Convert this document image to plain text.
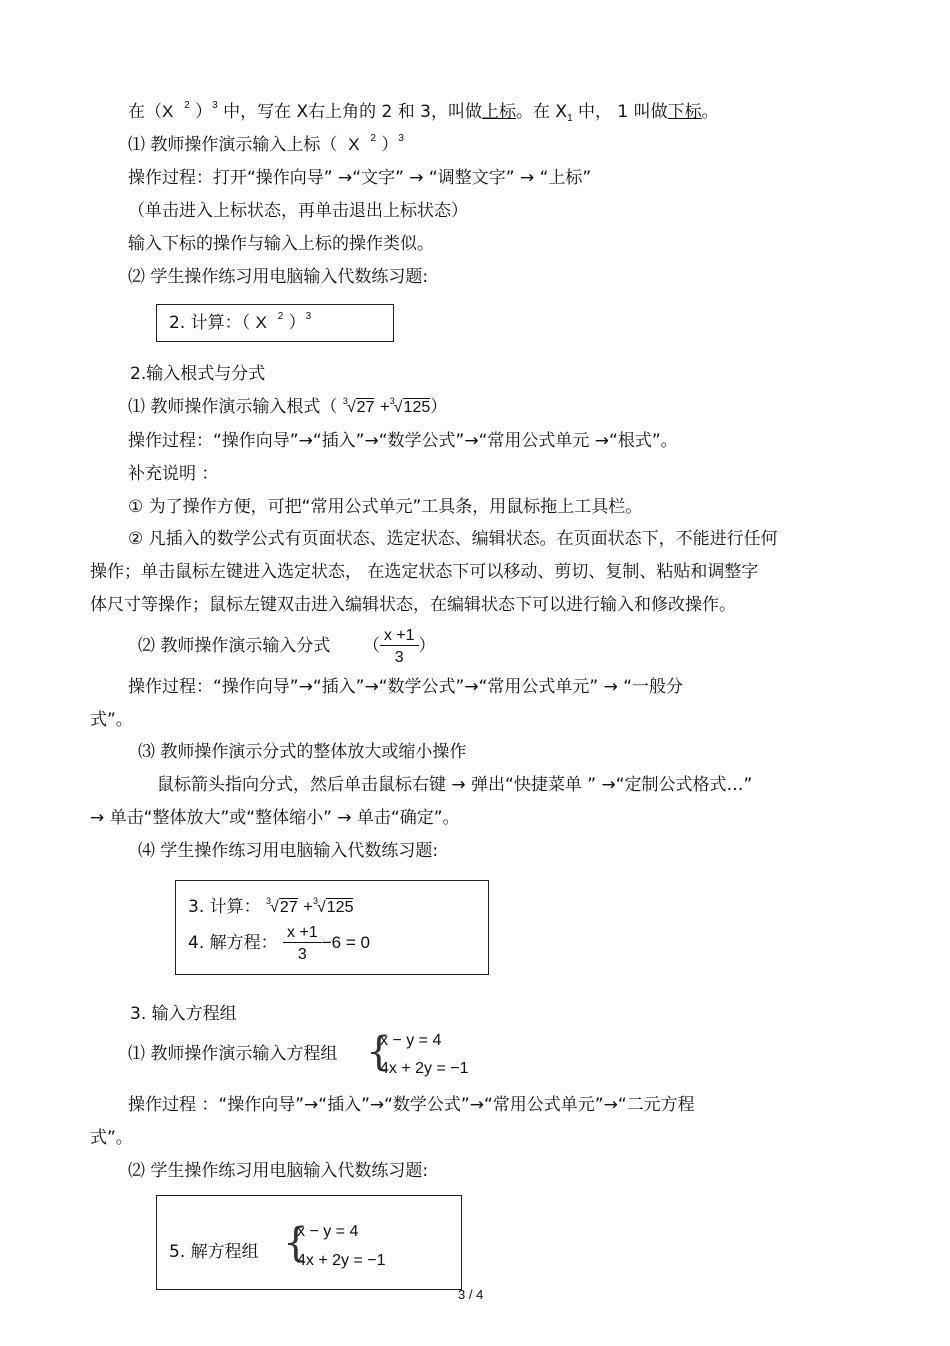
在（X $^2$ ）$^3$ 中，写在 X右上角的 2 和 3，叫做上标。在 $X_1$ 中， 1 叫做下标。
⑴ 教师操作演示输入上标（ X $^2$ ）$^3$
操作过程：打开“操作向导” →“文字” → “调整文字” → “上标”
（单击进入上标状态，再单击退出上标状态）
输入下标的操作与输入上标的操作类似。
⑵ 学生操作练习用电脑输入代数练习题:
2. 计算：（ X $^2$ ）$^3$
2.输入根式与分式
⑴ 教师操作演示输入根式（ $^3$√27 +$^3$√125）
操作过程：“操作向导”→“插入”→“数学公式”→“常用公式单元 →“根式”。
补充说明 ：
① 为了操作方便，可把“常用公式单元”工具条，用鼠标拖上工具栏。
② 凡插入的数学公式有页面状态、选定状态、编辑状态。在页面状态下，不能进行任何
操作；单击鼠标左键进入选定状态， 在选定状态下可以移动、剪切、复制、粘贴和调整字
体尺寸等操作；鼠标左键双击进入编辑状态，在编辑状态下可以进行输入和修改操作。
⑵ 教师操作演示输入分式 （ $\frac{x +1}{3}$ ）
操作过程：“操作向导”→“插入”→“数学公式”→“常用公式单元” → “一般分
式”。
⑶ 教师操作演示分式的整体放大或缩小操作
鼠标箭头指向分式，然后单击鼠标右键 → 弹出“快捷菜单 ” →“定制公式格式…”
→ 单击“整体放大”或“整体缩小” → 单击“确定”。
⑷ 学生操作练习用电脑输入代数练习题:
3. 计算： $^3$√27 +$^3$√125
4. 解方程： $\frac{x +1}{3} -6 = 0$
3. 输入方程组
⑴ 教师操作演示输入方程组 {
x − y = 4
4x + 2y = −1
操作过程 ：“操作向导”→“插入”→“数学公式”→“常用公式单元”→“二元方程
式”。
⑵ 学生操作练习用电脑输入代数练习题:
5. 解方程组 {
x − y = 4
4x + 2y = −1
3 / 4
